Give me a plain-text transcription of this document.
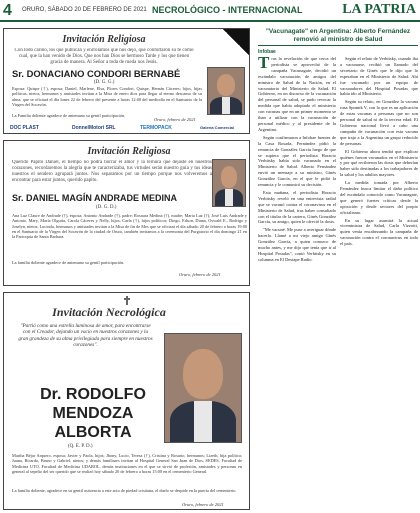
4 ORURO, SÁBADO 20 DE FEBRERO DE 2021 NECROLÓGICO - INTERNACIONAL	LA PATRIA
Invitación Religiosa
Con todo cariño, los que publican y enrrolamos que nos dejó, que confortaron su fe como cual, que la han venido de Dios. Que nos han Dios se hermoso Tarde y los que tienen gracia de manera. Al Señor a toda de rueda nos Jesús.
Sr. DONACIANO CONDORI BERNABÉ
(D. G. G.)
Esposa: Quispe (†), esposa; Daniel, Marlene, Elsa, Flores Condori, Quispe, Hernán Cáceres; hijos, hijas políticas, nietos, hermanos y amistades invitan a la Misa de enero dios para llegar al eterno descanso de su alma, que se oficiará el día lunes 22 de febrero del presente a horas 12:00 del mediodía en el Santuario de la Virgen del Socavón.
La Familia doliente agradece de antemano su gentil participación.
Oruro, febrero de 2021
DOC PLAST	DonnelMotori SRL	TERMOPACK	Galería Comercial
Invitación Religiosa
Querido Papito Daniel, el tiempo no podrá borrar el amor y la ternura que dejaste en nuestros corazones, recordaremos la alegría que te caracterizaba, tus virtudes serán nuestro guía y tus ideas nuestros el sendero agrupará juntos. Nos separamos por un tiempo porque nos volveremos a encontrar para estar juntos, querido papito.
Sr. DANIEL MAGÍN ANDRADE MEDINA
(D. G. D.)
Ana Luz Claure de Andrade (†), esposa; Antonio Andrade (†), padre; Rosaura Medina (†), madre; Marta Luz (†), José Luis Andrade y Antonio, Mary, María Olguita, Carola Cáceres y Nelly, hijos; Carla (†), hijos políticos; Diego, Edson, Diana, Oswald E., Rodrigo y Joselyn, nietos; Lucinda, hermanos y amistades invitan a la Misa de fin de Mes que se oficiará el día sábado 20 de febrero a horas 19:00 en el Santuario de la Virgen del Socavón de la ciudad de Oruro, también invitamos a la ceremonia del Purgatorio el día domingo 21 en la Parroquia de Santa Barbara.
La familia doliente agradece de antemano su gentil participación.
Oruro, febrero de 2021
Invitación Necrológica
"Partió como una estrella luminosa de amor, para encontrarse con el Creador, dejando un vacío en nuestros corazones y la gran grandeza de su alma privilegiada para siempre en nuestros corazones".
Dr. RODOLFO
MENDOZA
ALBORTA
(Q. E. P. D.)
Martha Béjar Arquero, esposa; Javier y Paola, hijos; Jhony, Lucio, Teresa (†), Cristina y Rosario, hermanos; Lizeth, hija política; Juana, Ricardo, Bruno y Gabriel, nietos; y demás familiares invitan al Hospital General San Juan de Dios, SEDES, Facultad de Medicina UTO, Facultad de Medicina UDABOL, demás instituciones en el que se sirvió de profesión, amistades y personas en general al sepelio del ser querido que se realizó hoy sábado 20 de febrero a horas 15:00 en el cementerio General.
La familia doliente, agradece en su gentil asistencia a este acto de piedad cristiana, el duelo se despide en la puerta del cementerio.
Oruro, febrero de 2021
"Vacunagate" en Argentina: Alberto Fernández removió al ministro de Salud
Infobae
T ras la revelación de que cerca del periodista se aprovechó de la campaña Vacunagate, decidió un escándalo vacunación de amigos del ministro de Salud de la Nación, en el vacunatorio del Ministerio de Salud. El Gobierno, en un discurso de la vacunación del personal de salud, se pudo revocar la medida que había adoptado el ministerio con vacunas que en un primer momento se iban a utilizar con la vacunación de personal médico y al presidente de la Argentina.

Según confirmaron a Infobae fuentes de la Casa Rosada, Fernández pidió la renuncia de González García luego de que se supiera que el periodista Horacio Verbitsky había sido vacunado en el Ministerio de Salud. Alberto Fernández envió un mensaje a su ministro, Ginés González García, en el que le pidió la renuncia y le comunicó su decisión.

Esta mañana, el periodista Horacio Verbitsky reveló en una entrevista radial que se vacunó contra el coronavirus en el Ministerio de Salud, tras haber consultado con el titular de la cartera, Ginés González García, su amigo, quien le ofreció la dosis.

"Me vacuné. Me puse a averiguar dónde hacerlo. Llamé a mi viejo amigo Ginés González García, a quien conozco de mucho antes, y me dijo que tenía que ir al Hospital Posadas", contó Verbitsky en su columna en El Destape Radio.

Según el relato de Verbitsky, cuando iba a vacunarse, recibió un llamado del secretario de Ginés que le dijo que lo esperaban en el Ministerio de Salud. Ahí fue vacunado por un equipo de vacunadores del Hospital Posadas que había ido al Ministerio.

Según su relato, en González la vacuna rusa Sputnik V, con lo que es un aplicación de estas vacunas a personas que no son personal de salud ni de la tercera edad. El Gobierno nacional llevó a cabo una campaña de vacunación con esta vacuna que trajo a la Argentina un grupo reducido de personas.

El Gobierno ahora tendrá que explicar quiénes fueron vacunados en el Ministerio y por qué recibieron las dosis que deberían haber sido destinadas a los trabajadores de la salud y los adultos mayores.

La medida tomada por Alberto Fernández busca limitar el daño político del escándalo conocido como Vacunagate, que generó fuertes críticas desde la oposición y desde sectores del propio oficialismo.

En su lugar asumirá la actual viceministra de Salud, Carla Vizzotti, quien venía encabezando la campaña de vacunación contra el coronavirus en todo el país.
